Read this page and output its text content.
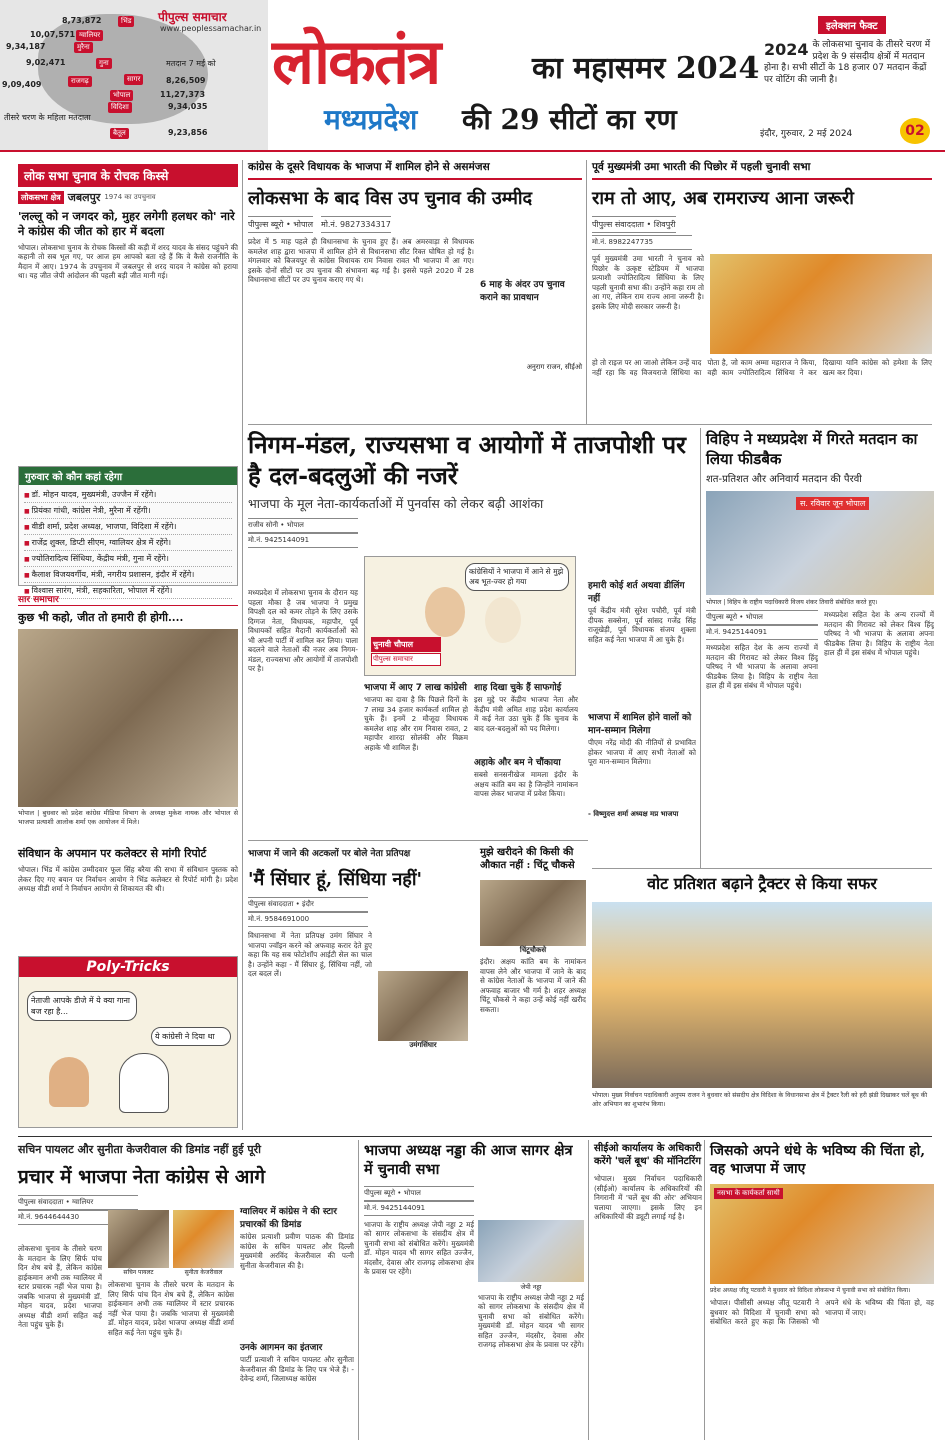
8,73,872	भिंड
10,07,571
मुरैना
9,34,187
ग्वालियर
9,02,471	गुना
8,26,509
सागर
9,09,409	राजगढ़
11,27,373
भोपाल
9,34,035
विदिशा
9,23,856
बैतूल
मतदान 7 मई को
तीसरे चरण के महिला मतदाता
पीपुल्स समाचार
www.peoplessamachar.in लोकतंत्र	का महासमर 2024
मध्यप्रदेश की 29 सीटों का रण
इलेक्शन फैक्ट
2024 के लोकसभा चुनाव के तीसरे चरण में प्रदेश के 9 संसदीय क्षेत्रों में मतदान होना है। सभी सीटों के 18 हजार 07 मतदान केंद्रों पर वोटिंग की जानी है।
इंदौर, गुरुवार, 2 मई 2024	02
लोक सभा चुनाव के रोचक किस्से
लोकसभा क्षेत्र जबलपुर 1974 का उपचुनाव
'लल्लू को न जगदर को, मुहर लगेगी हलधर को' नारे ने कांग्रेस की जीत को हार में बदला
भोपाल। लोकसभा चुनाव के रोचक किस्सों की कड़ी में शरद यादव के संसद पहुंचने की कहानी तो सब भूल गए, पर आज हम आपको बता रहे हैं कि वे कैसे राजनीति के मैदान में आए। 1974 के उपचुनाव में जबलपुर से शरद यादव ने कांग्रेस को हराया था। यह जीत जेपी आंदोलन की पहली बड़ी जीत मानी गई।
गुरुवार को कौन कहां रहेगा
■ डॉ. मोहन यादव, मुख्यमंत्री, उज्जैन में रहेंगे।
■ प्रियंका गांधी, कांग्रेस नेत्री, मुरैना में रहेंगी।
■ वीडी शर्मा, प्रदेश अध्यक्ष, भाजपा, विदिशा में रहेंगे।
■ राजेंद्र शुक्ल, डिप्टी सीएम, ग्वालियर क्षेत्र में रहेंगे।
■ ज्योतिरादित्य सिंधिया, केंद्रीय मंत्री, गुना में रहेंगे।
■ कैलाश विजयवर्गीय, मंत्री, नगरीय प्रशासन, इंदौर में रहेंगे।
■ विश्वास सारंग, मंत्री, सहकारिता, भोपाल में रहेंगे।
सार समाचार
कुछ भी कहो, जीत तो हमारी ही होगी....
भोपाल | बुधवार को प्रदेश कांग्रेस मीडिया विभाग के अध्यक्ष मुकेश नायक और भोपाल से भाजपा प्रत्याशी आलोक शर्मा एक आयोजन में मिले।
संविधान के अपमान पर कलेक्टर से मांगी रिपोर्ट
भोपाल। भिंड में कांग्रेस उम्मीदवार फूल सिंह बरैया की सभा में संविधान पुस्तक को लेकर दिए गए बयान पर निर्वाचन आयोग ने भिंड कलेक्टर से रिपोर्ट मांगी है। प्रदेश अध्यक्ष वीडी शर्मा ने निर्वाचन आयोग से शिकायत की थी।
Poly-Tricks
नेताजी आपके डीजे में ये क्या गाना बज रहा है...
ये कांग्रेसी ने दिया था
कांग्रेस के दूसरे विधायक के भाजपा में शामिल होने से असमंजस
लोकसभा के बाद विस उप चुनाव की उम्मीद
पीपुल्स ब्यूरो • भोपाल मो.नं. 9827334317
प्रदेश में 5 माह पहले ही विधानसभा के चुनाव हुए हैं। अब अमरवाड़ा से विधायक कमलेश शाह द्वारा भाजपा में शामिल होने से विधानसभा सीट रिक्त घोषित हो गई है। मंगलवार को बिजयपुर से कांग्रेस विधायक राम निवास रावत भी भाजपा में आ गए। इसके दोनों सीटों पर उप चुनाव की संभावना बढ़ गई है। इससे पहले 2020 में 28 विधानसभा सीटों पर उप चुनाव कराए गए थे।
6 माह के अंदर उप चुनाव कराने का प्रावधान
अनुराग राजन, सीईओ
पूर्व मुख्यमंत्री उमा भारती की पिछोर में पहली चुनावी सभा
राम तो आए, अब रामराज्य आना जरूरी
पीपुल्स संवाददाता • शिवपुरी
मो.नं. 8982247735
पूर्व मुख्यमंत्री उमा भारती ने चुनाव को पिछोर के उत्कृष्ट स्टेडियम में भाजपा प्रत्याशी ज्योतिरादित्य सिंधिया के लिए पहली चुनावी सभा की। उन्होंने कहा राम तो आ गए, लेकिन राम राज्य आना जरूरी है। इसके लिए मोदी सरकार जरूरी है।
हो तो राइज पर आ जाओ लेकिन उन्हें याद नहीं रहा कि वह विजयराजे सिंधिया का पोता है, जो काम अम्मा महाराज ने किया, वही काम ज्योतिरादित्य सिंधिया ने कर दिखाया यानि कांग्रेस को हमेशा के लिए खत्म कर दिया।
निगम-मंडल, राज्यसभा व आयोगों में ताजपोशी पर है दल-बदलुओं की नजरें
भाजपा के मूल नेता-कार्यकर्ताओं में पुनर्वास को लेकर बढ़ी आशंका
राजीव सोनी • भोपाल
मो.नं. 9425144091
मध्यप्रदेश में लोकसभा चुनाव के दौरान यह पहला मौका है जब भाजपा ने प्रमुख विपक्षी दल को कमर तोड़ने के लिए उसके दिग्गज नेता, विधायक, महापौर, पूर्व विधायकों सहित मैदानी कार्यकर्ताओं को भी अपनी पार्टी में शामिल कर लिया। पाला बदलने वाले नेताओं की नजर अब निगम-मंडल, राज्यसभा और आयोगों में ताजपोशी पर है।
कांग्रेसियों ने भाजपा में आने से मुझे अब भूत-ज्वर हो गया
चुनावी चौपाल
पीपुल्स समाचार
भाजपा में आए 7 लाख कांग्रेसी
भाजपा का दावा है कि पिछले दिनों के 7 लाख 34 हजार कार्यकर्ता शामिल हो चुके हैं। इनमें 2 मौजूदा विधायक कमलेश शाह और राम निवास रावत, 2 महापौर शारदा सोलंकी और विक्रम अहाके भी शामिल हैं।
शाह दिखा चुके हैं साफगोई
इस मुद्दे पर केंद्रीय भाजपा नेता और केंद्रीय मंत्री अमित शाह प्रदेश कार्यालय में कई नेता उठा चुके हैं कि चुनाव के बाद दल-बदलुओं को पद मिलेगा।
अहाके और बम ने चौंकाया
सबसे सनसनीखेज मामला इंदौर के अक्षय कांति बम का है जिन्होंने नामांकन वापस लेकर भाजपा में प्रवेश किया।
हमारी कोई शर्त अथवा डीलिंग नहीं
पूर्व केंद्रीय मंत्री सुरेश पचौरी, पूर्व मंत्री दीपक सक्सेना, पूर्व सांसद गजेंद्र सिंह राजूखेड़ी, पूर्व विधायक संजय शुक्ला सहित कई नेता भाजपा में आ चुके हैं।
भाजपा में शामिल होने वालों को मान-सम्मान मिलेगा
पीएम नरेंद्र मोदी की नीतियों से प्रभावित होकर भाजपा में आए सभी नेताओं को पूरा मान-सम्मान मिलेगा।
- विष्णुदत्त शर्मा अध्यक्ष मप्र भाजपा
विहिप ने मध्यप्रदेश में गिरते मतदान का लिया फीडबैक
शत-प्रतिशत और अनिवार्य मतदान की पैरवी
स. रविवार जून भोपाल
भोपाल | विहिप के राष्ट्रीय पदाधिकारी विजय शंकर तिवारी संबोधित करते हुए।
पीपुल्स ब्यूरो • भोपाल
मो.नं. 9425144091
मध्यप्रदेश सहित देश के अन्य राज्यों में मतदान की गिरावट को लेकर विश्व हिंदू परिषद ने भी भाजपा के अलावा अपना फीडबैक लिया है। विहिप के राष्ट्रीय नेता हाल ही में इस संबंध में भोपाल पहुंचे।
मध्यप्रदेश सहित देश के अन्य राज्यों में मतदान की गिरावट को लेकर विश्व हिंदू परिषद ने भी भाजपा के अलावा अपना फीडबैक लिया है। विहिप के राष्ट्रीय नेता हाल ही में इस संबंध में भोपाल पहुंचे।
भाजपा में जाने की अटकलों पर बोले नेता प्रतिपक्ष
'मैं सिंघार हूं, सिंधिया नहीं'
पीपुल्स संवाददाता • इंदौर
मो.नं. 9584691000
विधानसभा में नेता प्रतिपक्ष उमंग सिंघार ने भाजपा ज्वॉइन करने को अफवाह करार देते हुए कहा कि यह सब फोटोशॉप आईटी सेल का चाल है। उन्होंने कहा - मैं सिंघार हूं, सिंधिया नहीं, जो दल बदल लें।
उमंगसिंघार
मुझे खरीदने की किसी की औकात नहीं : चिंटू चौकसे
चिंटूचौकसे
इंदौर। अक्षय कांति बम के नामांकन वापस लेने और भाजपा में जाने के बाद से कांग्रेस नेताओं के भाजपा में जाने की अफवाह बाजार भी गर्म है। शहर अध्यक्ष चिंटू चौकसे ने कहा उन्हें कोई नहीं खरीद सकता।
वोट प्रतिशत बढ़ाने ट्रैक्टर से किया सफर
भोपाल। मुख्य निर्वाचन पदाधिकारी अनुपम राजन ने बुधवार को संसदीय क्षेत्र विदिशा के विधानसभा क्षेत्र में ट्रैक्टर रैली को हरी झंडी दिखाकर चलें बूथ की ओर अभियान का शुभारंभ किया।
सचिन पायलट और सुनीता केजरीवाल की डिमांड नहीं हुई पूरी
प्रचार में भाजपा नेता कांग्रेस से आगे
पीपुल्स संवाददाता • ग्वालियर
मो.नं. 9644644430
लोकसभा चुनाव के तीसरे चरण के मतदान के लिए सिर्फ पांच दिन शेष बचे हैं, लेकिन कांग्रेस हाईकमान अभी तक ग्वालियर में स्टार प्रचारक नहीं भेज पाया है। जबकि भाजपा से मुख्यमंत्री डॉ. मोहन यादव, प्रदेश भाजपा अध्यक्ष वीडी शर्मा सहित कई नेता पहुंच चुके हैं।
सचिन पायलट	सुनीता केजरीवाल
लोकसभा चुनाव के तीसरे चरण के मतदान के लिए सिर्फ पांच दिन शेष बचे हैं, लेकिन कांग्रेस हाईकमान अभी तक ग्वालियर में स्टार प्रचारक नहीं भेज पाया है। जबकि भाजपा से मुख्यमंत्री डॉ. मोहन यादव, प्रदेश भाजपा अध्यक्ष वीडी शर्मा सहित कई नेता पहुंच चुके हैं।
ग्वालियर में कांग्रेस ने की स्टार प्रचारकों की डिमांड
कांग्रेस प्रत्याशी प्रवीण पाठक की डिमांड कांग्रेस के सचिन पायलट और दिल्ली मुख्यमंत्री अरविंद केजरीवाल की पत्नी सुनीता केजरीवाल की है।
उनके आगमन का इंतजार
पार्टी प्रत्याशी ने सचिन पायलट और सुनीता केजरीवाल की डिमांड के लिए पत्र भेजे हैं। - देवेन्द्र शर्मा, जिलाध्यक्ष कांग्रेस
भाजपा अध्यक्ष नड्डा की आज सागर क्षेत्र में चुनावी सभा
पीपुल्स ब्यूरो • भोपाल
मो.नं. 9425144091
भाजपा के राष्ट्रीय अध्यक्ष जेपी नड्डा 2 मई को सागर लोकसभा के संसदीय क्षेत्र में चुनावी सभा को संबोधित करेंगे। मुख्यमंत्री डॉ. मोहन यादव भी सागर सहित उज्जैन, मंदसौर, देवास और राजगढ़ लोकसभा क्षेत्र के प्रवास पर रहेंगे।
जेपी नड्डा
भाजपा के राष्ट्रीय अध्यक्ष जेपी नड्डा 2 मई को सागर लोकसभा के संसदीय क्षेत्र में चुनावी सभा को संबोधित करेंगे। मुख्यमंत्री डॉ. मोहन यादव भी सागर सहित उज्जैन, मंदसौर, देवास और राजगढ़ लोकसभा क्षेत्र के प्रवास पर रहेंगे।
सीईओ कार्यालय के अधिकारी करेंगे 'चलें बूथ' की मॉनिटरिंग
भोपाल। मुख्य निर्वाचन पदाधिकारी (सीईओ) कार्यालय के अधिकारियों की निगरानी में 'चलें बूथ की ओर' अभियान चलाया जाएगा। इसके लिए इन अधिकारियों की ड्यूटी लगाई गई है।
जिसको अपने धंधे के भविष्य की चिंता हो, वह भाजपा में जाए
नसभा के कार्यकर्ता साथी
प्रदेश अध्यक्ष जीतू पटवारी ने बुधवार को विदिशा लोकसभा में चुनावी सभा को संबोधित किया।
भोपाल। पीसीसी अध्यक्ष जीतू पटवारी ने बुधवार को विदिशा में चुनावी सभा को संबोधित करते हुए कहा कि जिसको भी अपने धंधे के भविष्य की चिंता हो, वह भाजपा में जाए।
